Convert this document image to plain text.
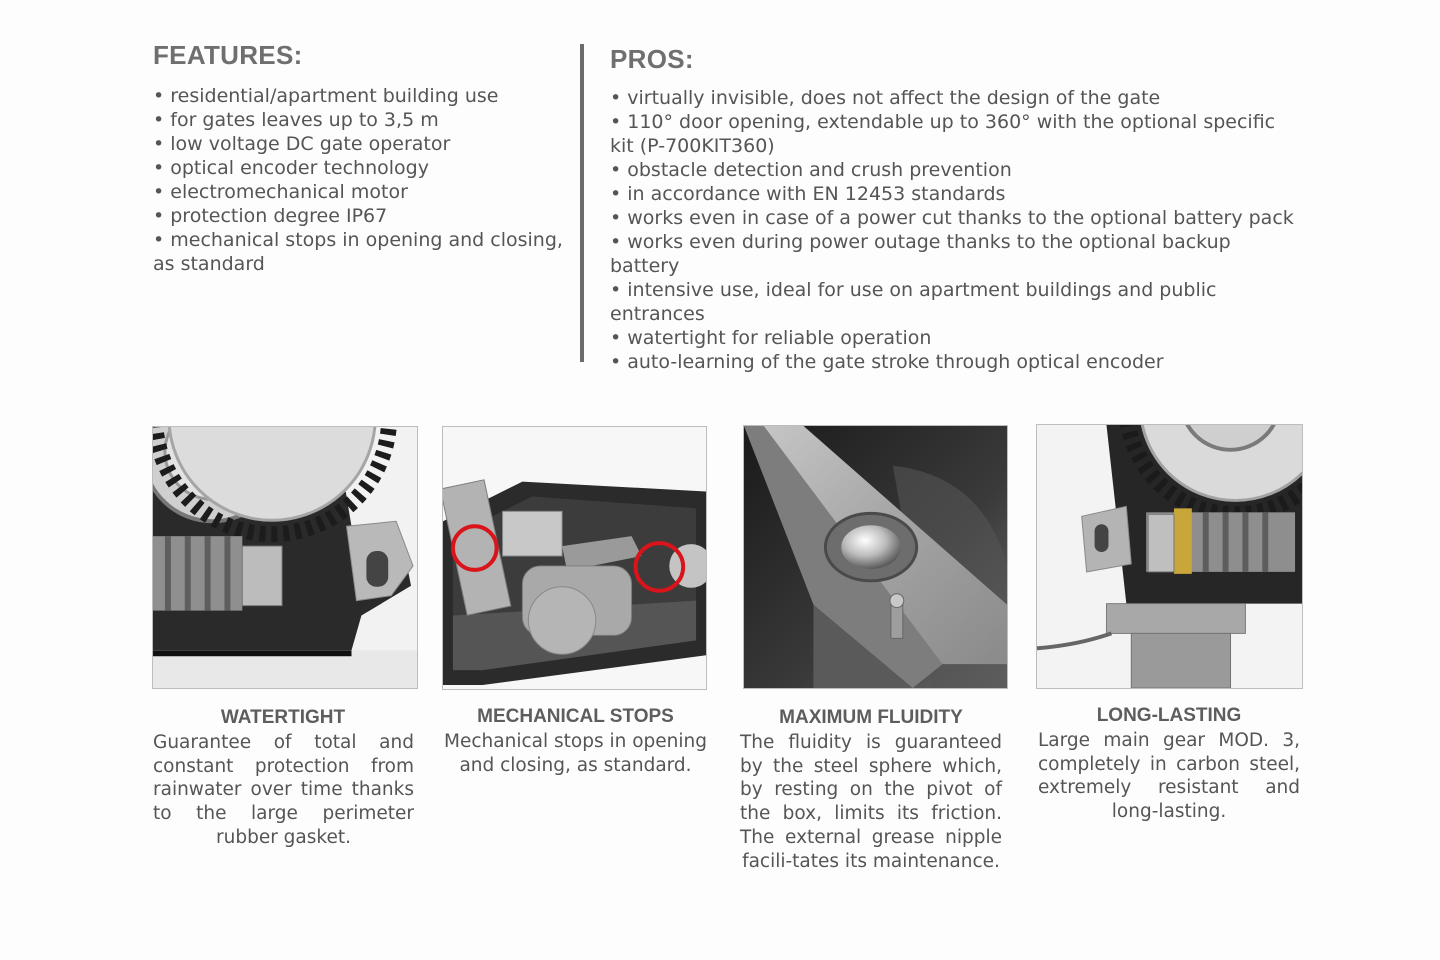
FEATURES:
• residential/apartment building use
• for gates leaves up to 3,5 m
• low voltage DC gate operator
• optical encoder technology
• electromechanical motor
• protection degree IP67
• mechanical stops in opening and closing, as standard
PROS:
• virtually invisible, does not affect the design of the gate
• 110° door opening, extendable up to 360° with the optional specific kit (P-700KIT360)
• obstacle detection and crush prevention
• in accordance with EN 12453 standards
• works even in case of a power cut thanks to the optional battery pack
• works even during power outage thanks to the optional backup battery
• intensive use, ideal for use on apartment buildings and public entrances
• watertight for reliable operation
• auto-learning of the gate stroke through optical encoder

WATERTIGHT

Guarantee of total and constant protection from rainwater over time thanks to the large perimeter rubber gasket.

MECHANICAL STOPS

Mechanical stops in opening and closing, as standard.

MAXIMUM FLUIDITY

The fluidity is guaranteed by the steel sphere which, by resting on the pivot of the box, limits its friction. The external grease nipple facili-tates its maintenance.

LONG-LASTING

Large main gear MOD. 3, completely in carbon steel, extremely resistant and long-lasting.
